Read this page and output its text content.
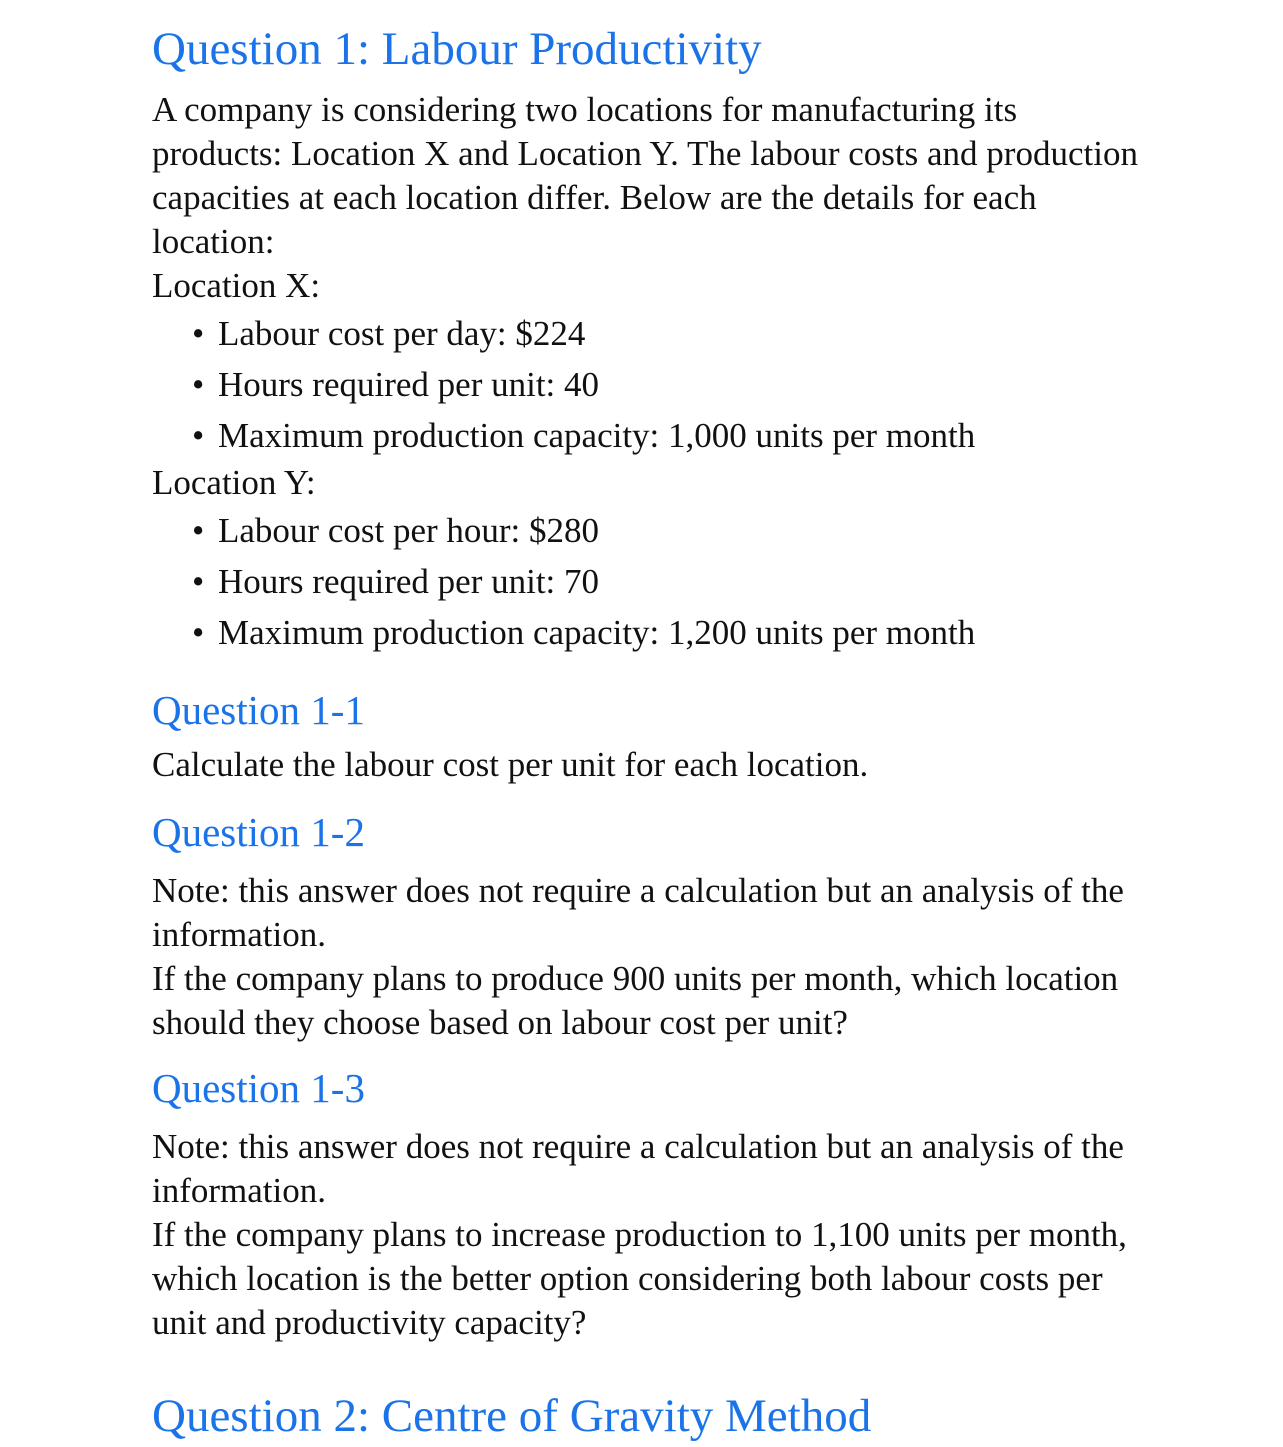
Question 1: Labour Productivity

A company is considering two locations for manufacturing its products: Location X and Location Y. The labour costs and production capacities at each location differ. Below are the details for each location:

Location X:

• Labour cost per day: $224
• Hours required per unit: 40
• Maximum production capacity: 1,000 units per month

Location Y:

• Labour cost per hour: $280
• Hours required per unit: 70
• Maximum production capacity: 1,200 units per month
Question 1-1

Calculate the labour cost per unit for each location.

Question 1-2

Note: this answer does not require a calculation but an analysis of the information.

If the company plans to produce 900 units per month, which location should they choose based on labour cost per unit?

Question 1-3

Note: this answer does not require a calculation but an analysis of the information.

If the company plans to increase production to 1,100 units per month, which location is the better option considering both labour costs per unit and productivity capacity?

Question 2: Centre of Gravity Method
